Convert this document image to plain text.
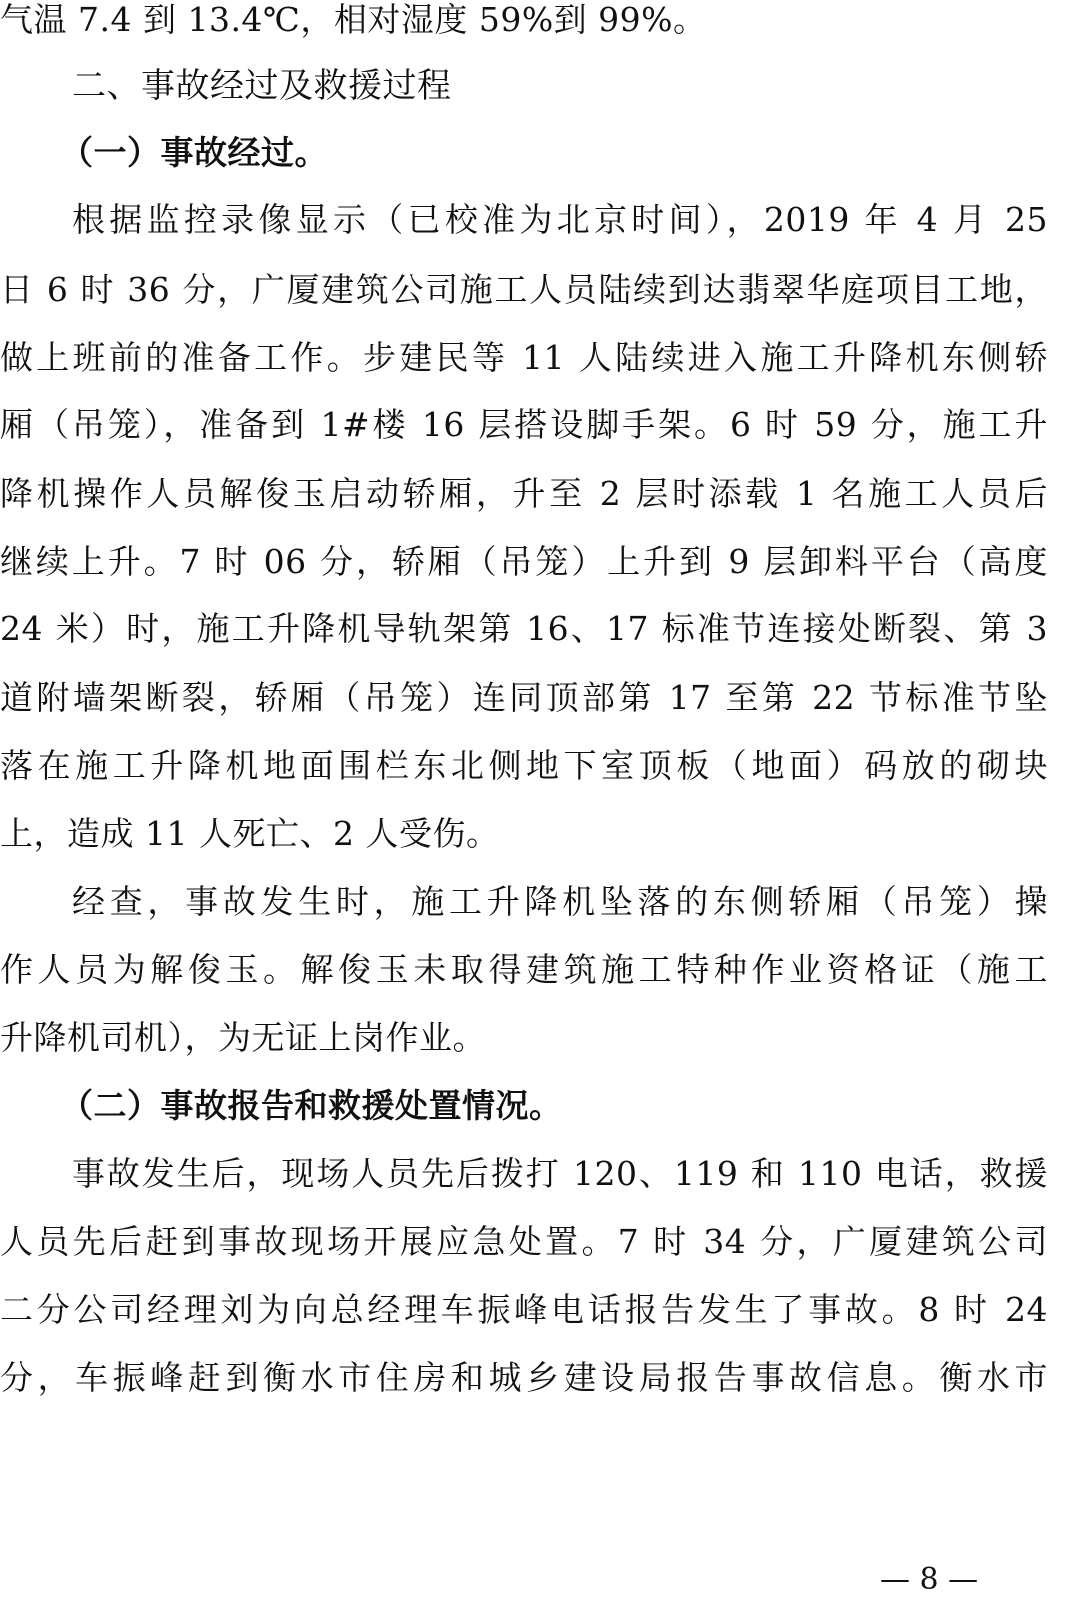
气温 7.4 到 13.4℃，相对湿度 59%到 99%。
二、事故经过及救援过程
（一）事故经过。
根据监控录像显示（已校准为北京时间），2019 年 4 月 25
日 6 时 36 分，广厦建筑公司施工人员陆续到达翡翠华庭项目工地，
做上班前的准备工作。步建民等 11 人陆续进入施工升降机东侧轿
厢（吊笼），准备到 1#楼 16 层搭设脚手架。6 时 59 分，施工升
降机操作人员解俊玉启动轿厢，升至 2 层时添载 1 名施工人员后
继续上升。7 时 06 分，轿厢（吊笼）上升到 9 层卸料平台（高度
24 米）时，施工升降机导轨架第 16、17 标准节连接处断裂、第 3
道附墙架断裂，轿厢（吊笼）连同顶部第 17 至第 22 节标准节坠
落在施工升降机地面围栏东北侧地下室顶板（地面）码放的砌块
上，造成 11 人死亡、2 人受伤。
经查，事故发生时，施工升降机坠落的东侧轿厢（吊笼）操
作人员为解俊玉。解俊玉未取得建筑施工特种作业资格证（施工
升降机司机），为无证上岗作业。
（二）事故报告和救援处置情况。
事故发生后，现场人员先后拨打 120、119 和 110 电话，救援
人员先后赶到事故现场开展应急处置。7 时 34 分，广厦建筑公司
二分公司经理刘为向总经理车振峰电话报告发生了事故。8 时 24
分，车振峰赶到衡水市住房和城乡建设局报告事故信息。衡水市
— 8 —
